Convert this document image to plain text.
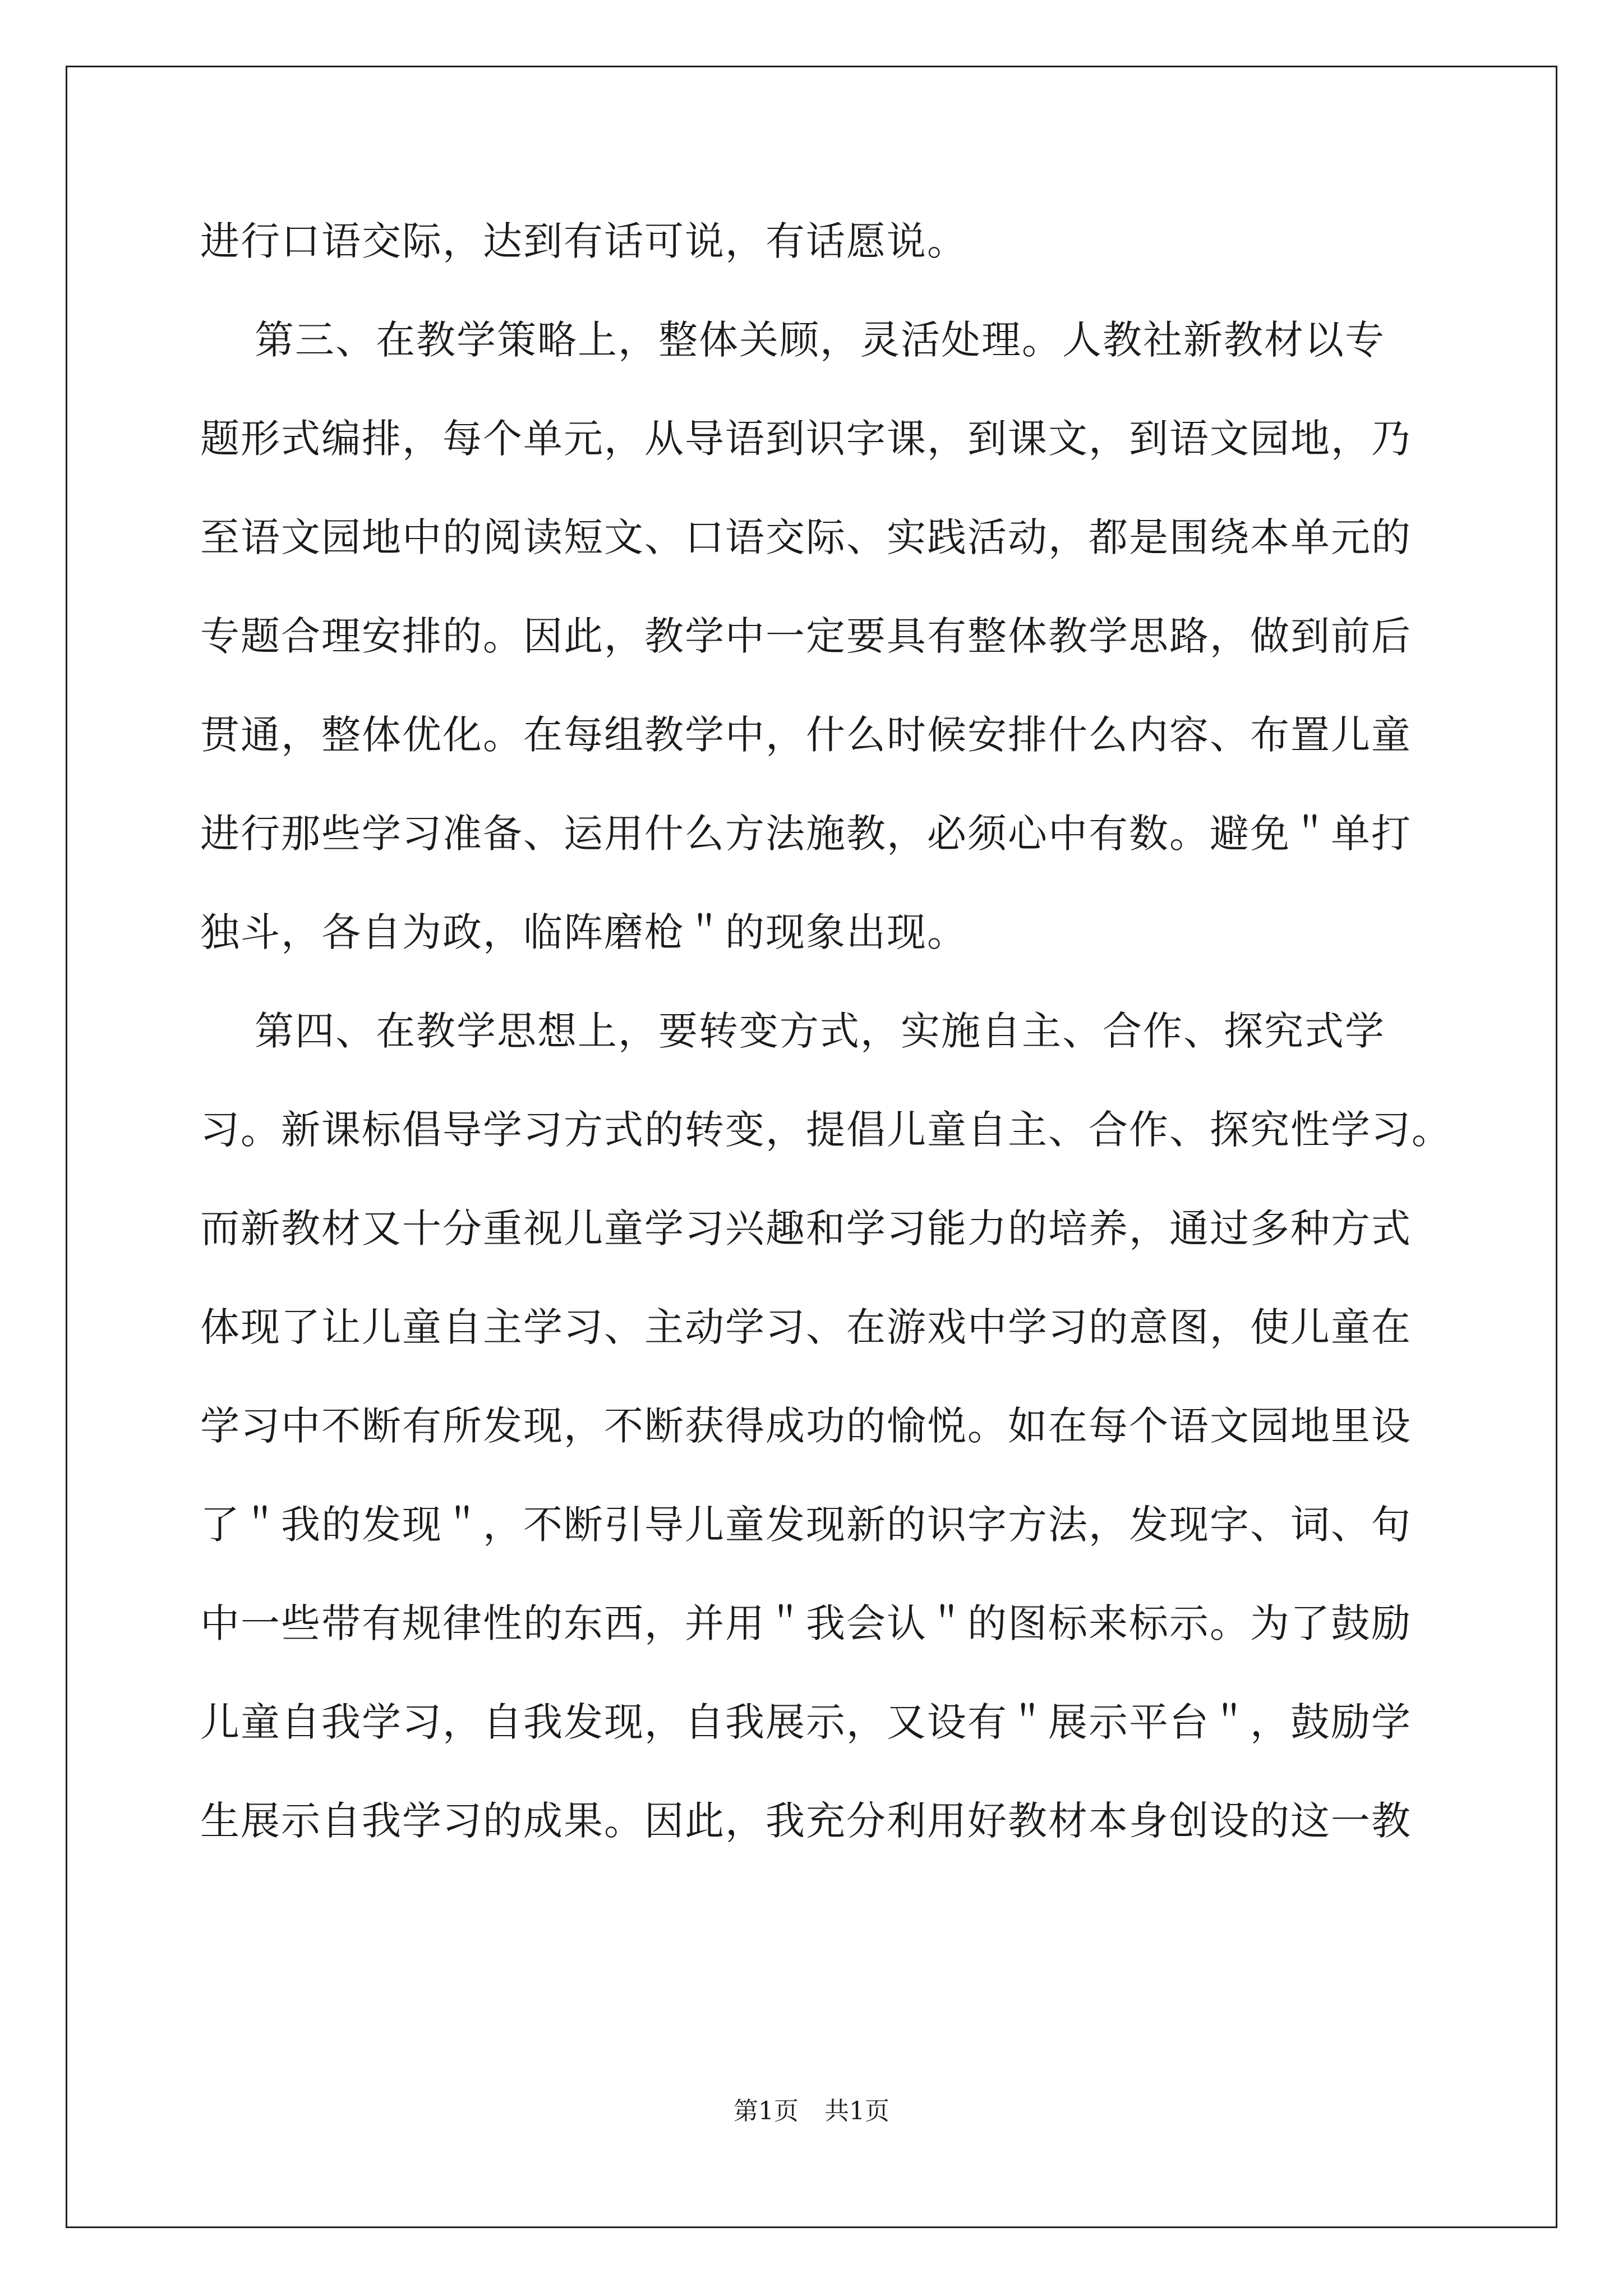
进行口语交际，达到有话可说，有话愿说。
第三、在教学策略上，整体关顾，灵活处理。人教社新教材以专
题形式编排，每个单元，从导语到识字课，到课文，到语文园地，乃
至语文园地中的阅读短文、口语交际、实践活动，都是围绕本单元的
专题合理安排的。因此，教学中一定要具有整体教学思路，做到前后
贯通，整体优化。在每组教学中，什么时候安排什么内容、布置儿童
进行那些学习准备、运用什么方法施教，必须心中有数。避免＂单打
独斗，各自为政，临阵磨枪＂的现象出现。
第四、在教学思想上，要转变方式，实施自主、合作、探究式学
习。新课标倡导学习方式的转变，提倡儿童自主、合作、探究性学习。
而新教材又十分重视儿童学习兴趣和学习能力的培养，通过多种方式
体现了让儿童自主学习、主动学习、在游戏中学习的意图，使儿童在
学习中不断有所发现，不断获得成功的愉悦。如在每个语文园地里设
了＂我的发现＂，不断引导儿童发现新的识字方法，发现字、词、句
中一些带有规律性的东西，并用＂我会认＂的图标来标示。为了鼓励
儿童自我学习，自我发现，自我展示，又设有＂展示平台＂，鼓励学
生展示自我学习的成果。因此，我充分利用好教材本身创设的这一教
第1页 共1页
